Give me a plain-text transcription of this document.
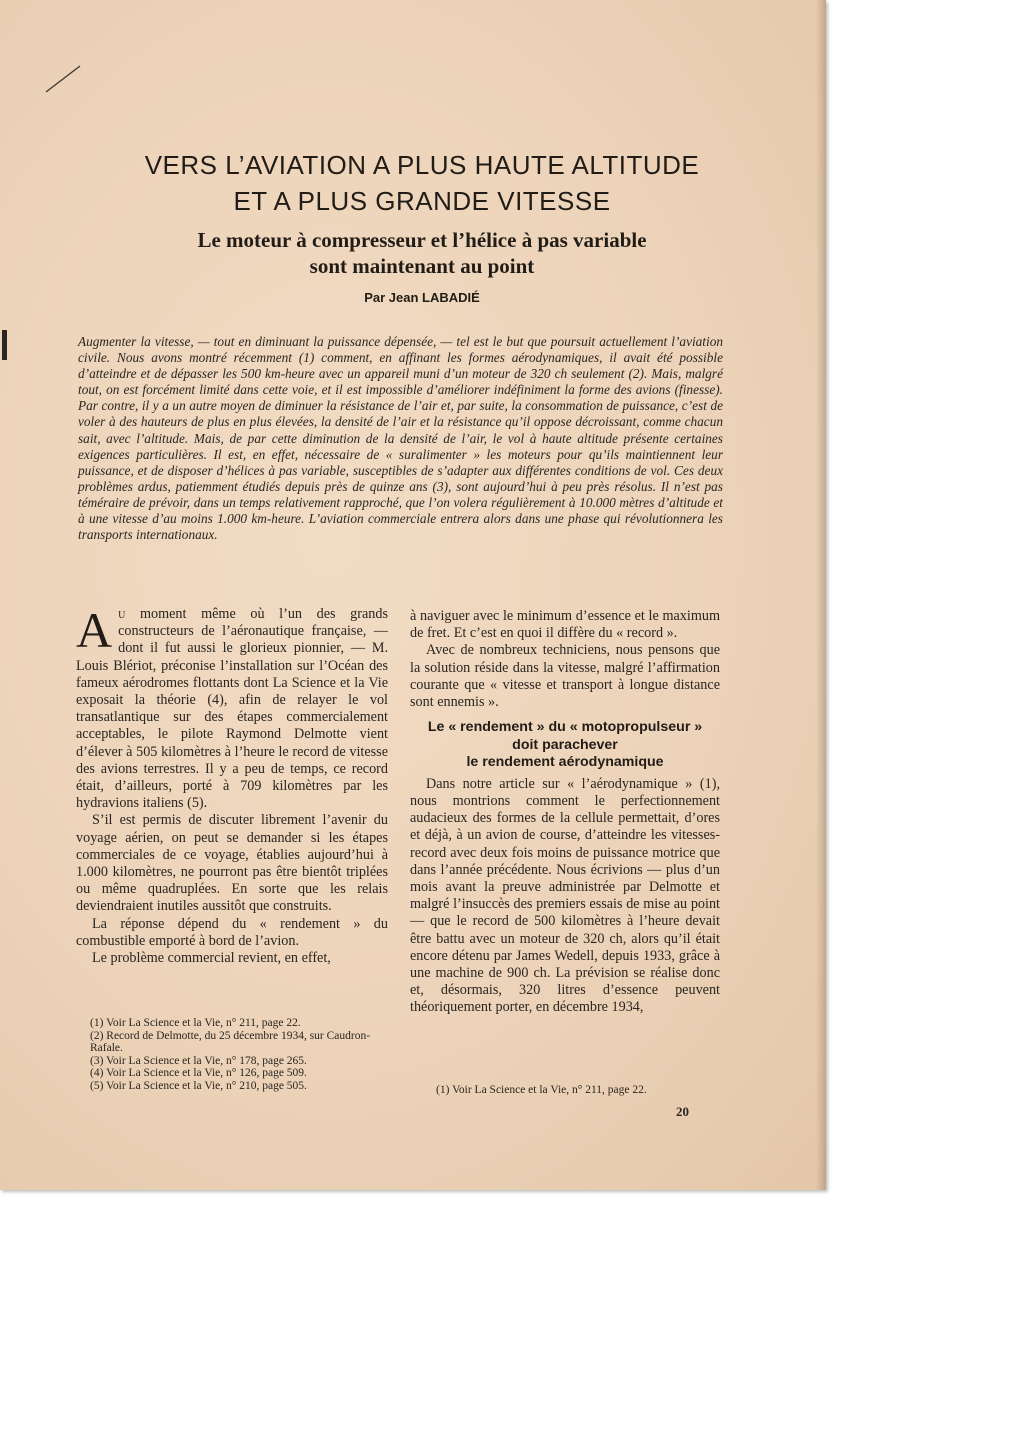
VERS L’AVIATION A PLUS HAUTE ALTITUDE
ET A PLUS GRANDE VITESSE
Le moteur à compresseur et l’hélice à pas variable
sont maintenant au point
Par Jean LABADIÉ
Augmenter la vitesse, — tout en diminuant la puissance dépensée, — tel est le but que poursuit actuellement l’aviation civile. Nous avons montré récemment (1) comment, en affinant les formes aérodynamiques, il avait été possible d’atteindre et de dépasser les 500 km-heure avec un appareil muni d’un moteur de 320 ch seulement (2). Mais, malgré tout, on est forcément limité dans cette voie, et il est impossible d’améliorer indéfiniment la forme des avions (finesse). Par contre, il y a un autre moyen de diminuer la résistance de l’air et, par suite, la consommation de puissance, c’est de voler à des hauteurs de plus en plus élevées, la densité de l’air et la résistance qu’il oppose décroissant, comme chacun sait, avec l’altitude. Mais, de par cette diminution de la densité de l’air, le vol à haute altitude présente certaines exigences particulières. Il est, en effet, nécessaire de « suralimenter » les moteurs pour qu’ils maintiennent leur puissance, et de disposer d’hélices à pas variable, susceptibles de s’adapter aux différentes conditions de vol. Ces deux problèmes ardus, patiemment étudiés depuis près de quinze ans (3), sont aujourd’hui à peu près résolus. Il n’est pas téméraire de prévoir, dans un temps relativement rapproché, que l’on volera régulièrement à 10.000 mètres d’altitude et à une vitesse d’au moins 1.000 km-heure. L’aviation commerciale entrera alors dans une phase qui révolutionnera les transports internationaux.

Au moment même où l’un des grands constructeurs de l’aéronautique française, — dont il fut aussi le glorieux pionnier, — M. Louis Blériot, préconise l’installation sur l’Océan des fameux aérodromes flottants dont La Science et la Vie exposait la théorie (4), afin de relayer le vol transatlantique sur des étapes commercialement acceptables, le pilote Raymond Delmotte vient d’élever à 505 kilomètres à l’heure le record de vitesse des avions terrestres. Il y a peu de temps, ce record était, d’ailleurs, porté à 709 kilomètres par les hydravions italiens (5).

S’il est permis de discuter librement l’avenir du voyage aérien, on peut se demander si les étapes commerciales de ce voyage, établies aujourd’hui à 1.000 kilomètres, ne pourront pas être bientôt triplées ou même quadruplées. En sorte que les relais deviendraient inutiles aussitôt que construits.

La réponse dépend du « rendement » du combustible emporté à bord de l’avion.

Le problème commercial revient, en effet,

à naviguer avec le minimum d’essence et le maximum de fret. Et c’est en quoi il diffère du « record ».

Avec de nombreux techniciens, nous pensons que la solution réside dans la vitesse, malgré l’affirmation courante que « vitesse et transport à longue distance sont ennemis ».

Le « rendement » du « motopropulseur »
doit parachever
le rendement aérodynamique

Dans notre article sur « l’aérodynamique » (1), nous montrions comment le perfectionnement audacieux des formes de la cellule permettait, d’ores et déjà, à un avion de course, d’atteindre les vitesses-record avec deux fois moins de puissance motrice que dans l’année précédente. Nous écrivions — plus d’un mois avant la preuve administrée par Delmotte et malgré l’insuccès des premiers essais de mise au point — que le record de 500 kilomètres à l’heure devait être battu avec un moteur de 320 ch, alors qu’il était encore détenu par James Wedell, depuis 1933, grâce à une machine de 900 ch. La prévision se réalise donc et, désormais, 320 litres d’essence peuvent théoriquement porter, en décembre 1934,

(1) Voir La Science et la Vie, n° 211, page 22.
(2) Record de Delmotte, du 25 décembre 1934, sur Caudron-Rafale.
(3) Voir La Science et la Vie, n° 178, page 265.
(4) Voir La Science et la Vie, n° 126, page 509.
(5) Voir La Science et la Vie, n° 210, page 505.	(1) Voir La Science et la Vie, n° 211, page 22.
20
